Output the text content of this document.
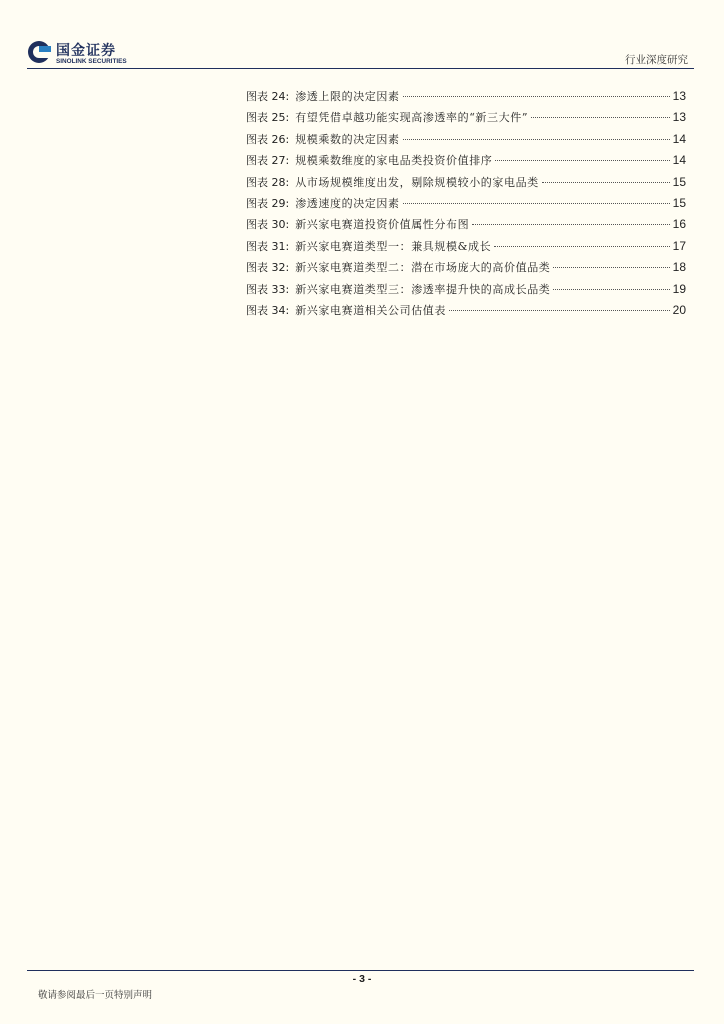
国金证券
SINOLINK SECURITIES	行业深度研究
图表 24: 渗透上限的决定因素	13
图表 25: 有望凭借卓越功能实现高渗透率的“新三大件”	13
图表 26: 规模乘数的决定因素	14
图表 27: 规模乘数维度的家电品类投资价值排序	14
图表 28: 从市场规模维度出发，剔除规模较小的家电品类	15
图表 29: 渗透速度的决定因素	15
图表 30: 新兴家电赛道投资价值属性分布图	16
图表 31: 新兴家电赛道类型一：兼具规模&成长	17
图表 32: 新兴家电赛道类型二：潜在市场庞大的高价值品类	18
图表 33: 新兴家电赛道类型三：渗透率提升快的高成长品类	19
图表 34: 新兴家电赛道相关公司估值表	20
- 3 -
敬请参阅最后一页特别声明
